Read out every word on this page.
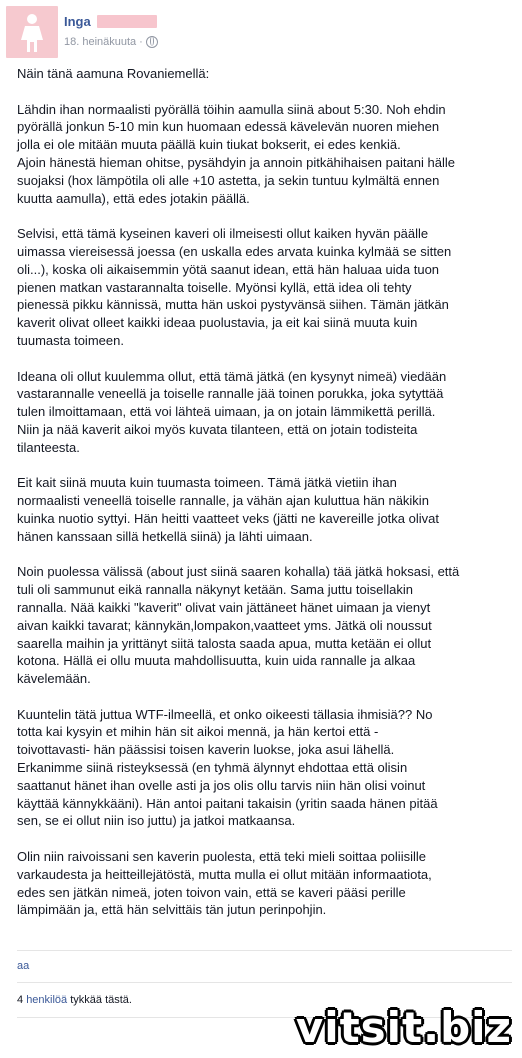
Inga
18. heinäkuuta ·

Näin tänä aamuna Rovaniemellä:

Lähdin ihan normaalisti pyörällä töihin aamulla siinä about 5:30. Noh ehdin
pyörällä jonkun 5-10 min kun huomaan edessä kävelevän nuoren miehen
jolla ei ole mitään muuta päällä kuin tiukat bokserit, ei edes kenkiä.
Ajoin hänestä hieman ohitse, pysähdyin ja annoin pitkähihaisen paitani hälle
suojaksi (hox lämpötila oli alle +10 astetta, ja sekin tuntuu kylmältä ennen
kuutta aamulla), että edes jotakin päällä.

Selvisi, että tämä kyseinen kaveri oli ilmeisesti ollut kaiken hyvän päälle
uimassa viereisessä joessa (en uskalla edes arvata kuinka kylmää se sitten
oli...), koska oli aikaisemmin yötä saanut idean, että hän haluaa uida tuon
pienen matkan vastarannalta toiselle. Myönsi kyllä, että idea oli tehty
pienessä pikku kännissä, mutta hän uskoi pystyvänsä siihen. Tämän jätkän
kaverit olivat olleet kaikki ideaa puolustavia, ja eit kai siinä muuta kuin
tuumasta toimeen.

Ideana oli ollut kuulemma ollut, että tämä jätkä (en kysynyt nimeä) viedään
vastarannalle veneellä ja toiselle rannalle jää toinen porukka, joka sytyttää
tulen ilmoittamaan, että voi lähteä uimaan, ja on jotain lämmikettä perillä.
Niin ja nää kaverit aikoi myös kuvata tilanteen, että on jotain todisteita
tilanteesta.

Eit kait siinä muuta kuin tuumasta toimeen. Tämä jätkä vietiin ihan
normaalisti veneellä toiselle rannalle, ja vähän ajan kuluttua hän näkikin
kuinka nuotio syttyi. Hän heitti vaatteet veks (jätti ne kavereille jotka olivat
hänen kanssaan sillä hetkellä siinä) ja lähti uimaan.

Noin puolessa välissä (about just siinä saaren kohalla) tää jätkä hoksasi, että
tuli oli sammunut eikä rannalla näkynyt ketään. Sama juttu toisellakin
rannalla. Nää kaikki "kaverit" olivat vain jättäneet hänet uimaan ja vienyt
aivan kaikki tavarat; kännykän,lompakon,vaatteet yms. Jätkä oli noussut
saarella maihin ja yrittänyt siitä talosta saada apua, mutta ketään ei ollut
kotona. Hällä ei ollu muuta mahdollisuutta, kuin uida rannalle ja alkaa
kävelemään.

Kuuntelin tätä juttua WTF-ilmeellä, et onko oikeesti tällasia ihmisiä?? No
totta kai kysyin et mihin hän sit aikoi mennä, ja hän kertoi että -
toivottavasti- hän päässisi toisen kaverin luokse, joka asui lähellä.
Erkanimme siinä risteyksessä (en tyhmä älynnyt ehdottaa että olisin
saattanut hänet ihan ovelle asti ja jos olis ollu tarvis niin hän olisi voinut
käyttää kännykkääni). Hän antoi paitani takaisin (yritin saada hänen pitää
sen, se ei ollut niin iso juttu) ja jatkoi matkaansa.

Olin niin raivoissani sen kaverin puolesta, että teki mieli soittaa poliisille
varkaudesta ja heitteillejätöstä, mutta mulla ei ollut mitään informaatiota,
edes sen jätkän nimeä, joten toivon vain, että se kaveri pääsi perille
lämpimään ja, että hän selvittäis tän jutun perinpohjin.

aa
4 henkilöä tykkää tästä.
vitsit.biz
